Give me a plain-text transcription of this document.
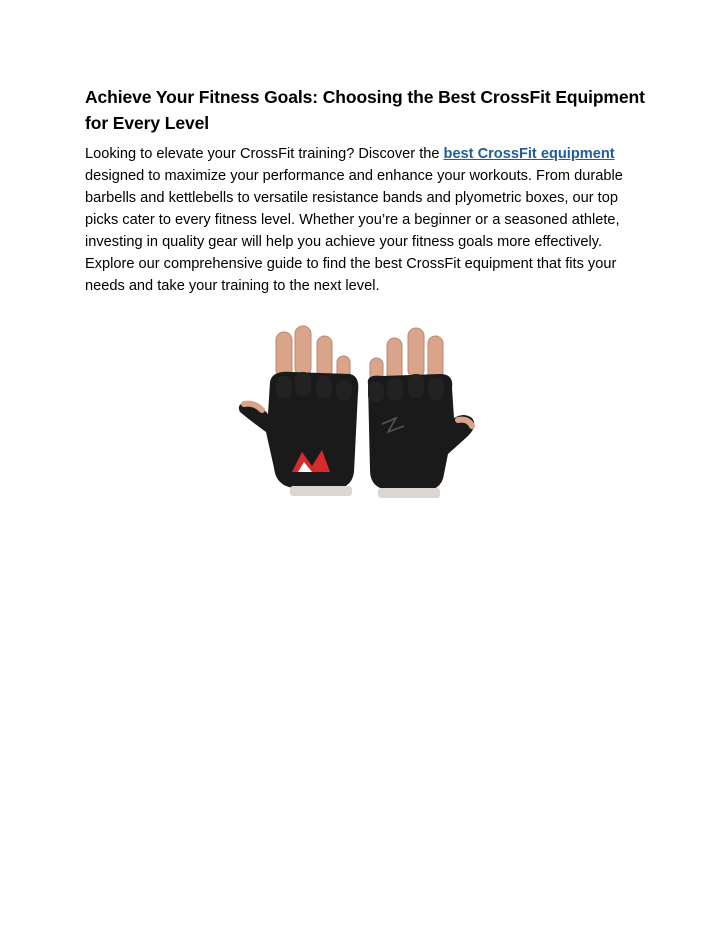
Achieve Your Fitness Goals: Choosing the Best CrossFit Equipment for Every Level

Looking to elevate your CrossFit training? Discover the best CrossFit equipment designed to maximize your performance and enhance your workouts. From durable barbells and kettlebells to versatile resistance bands and plyometric boxes, our top picks cater to every fitness level. Whether you’re a beginner or a seasoned athlete, investing in quality gear will help you achieve your fitness goals more effectively. Explore our comprehensive guide to find the best CrossFit equipment that fits your needs and take your training to the next level.
